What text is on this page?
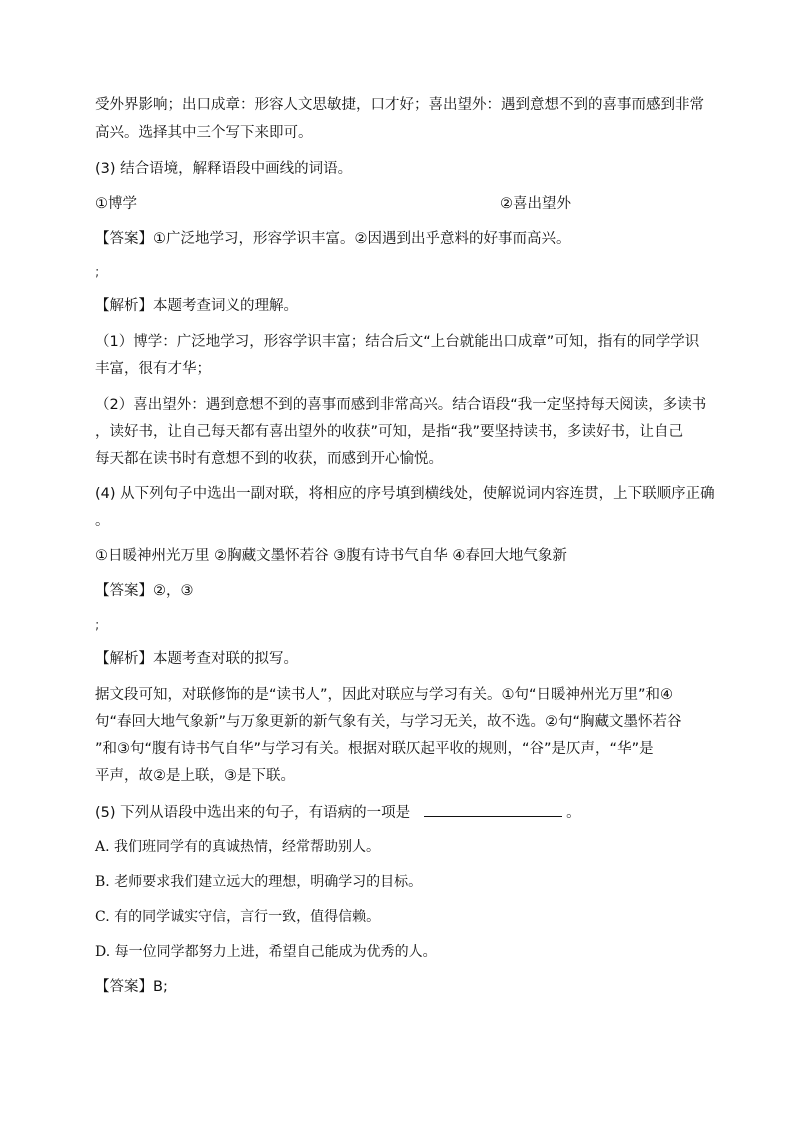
受外界影响；出口成章：形容人文思敏捷，口才好；喜出望外：遇到意想不到的喜事而感到非常
高兴。选择其中三个写下来即可。
(3) 结合语境，解释语段中画线的词语。
①博学	②喜出望外
【答案】①广泛地学习，形容学识丰富。②因遇到出乎意料的好事而高兴。
;
【解析】本题考查词义的理解。
（1）博学：广泛地学习，形容学识丰富；结合后文“上台就能出口成章”可知，指有的同学学识
丰富，很有才华；
（2）喜出望外：遇到意想不到的喜事而感到非常高兴。结合语段“我一定坚持每天阅读，多读书
，读好书，让自己每天都有喜出望外的收获”可知，是指“我”要坚持读书，多读好书，让自己
每天都在读书时有意想不到的收获，而感到开心愉悦。
(4) 从下列句子中选出一副对联，将相应的序号填到横线处，使解说词内容连贯，上下联顺序正确
。
①日暖神州光万里 ②胸藏文墨怀若谷 ③腹有诗书气自华 ④春回大地气象新
【答案】②，③
;
【解析】本题考查对联的拟写。
据文段可知，对联修饰的是“读书人”，因此对联应与学习有关。①句“日暖神州光万里”和④
句“春回大地气象新”与万象更新的新气象有关，与学习无关，故不选。②句“胸藏文墨怀若谷
”和③句“腹有诗书气自华”与学习有关。根据对联仄起平收的规则，“谷”是仄声，“华”是
平声，故②是上联，③是下联。
(5) 下列从语段中选出来的句子，有语病的一项是	。
A. 我们班同学有的真诚热情，经常帮助别人。
B. 老师要求我们建立远大的理想，明确学习的目标。
C. 有的同学诚实守信，言行一致，值得信赖。
D. 每一位同学都努力上进，希望自己能成为优秀的人。
【答案】B;
